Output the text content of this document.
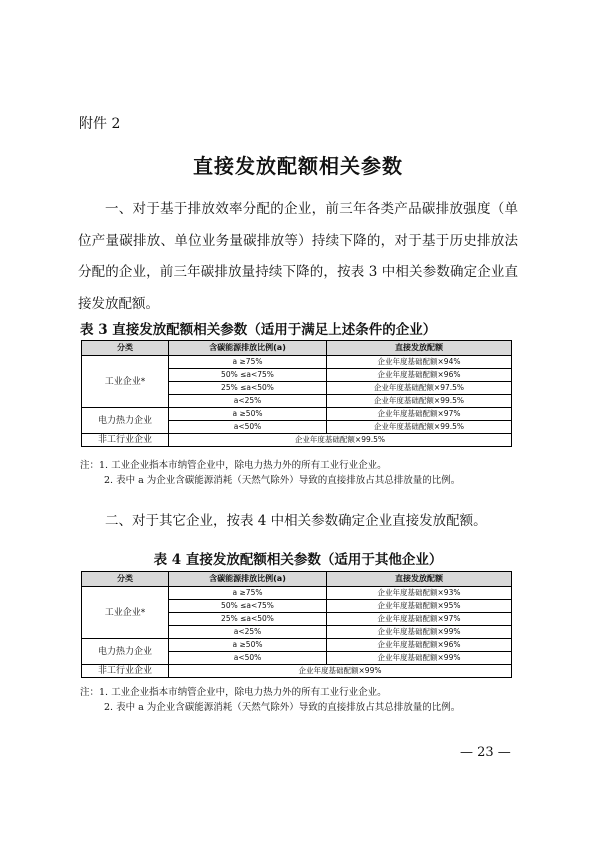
附件 2
直接发放配额相关参数
一、对于基于排放效率分配的企业，前三年各类产品碳排放强度（单位产量碳排放、单位业务量碳排放等）持续下降的，对于基于历史排放法分配的企业，前三年碳排放量持续下降的，按表 3 中相关参数确定企业直接发放配额。
表 3 直接发放配额相关参数（适用于满足上述条件的企业）
分类	含碳能源排放比例(a)	直接发放配额
工业企业*	a ≥75%	企业年度基础配额×94%
	50% ≤a<75%	企业年度基础配额×96%
	25% ≤a<50%	企业年度基础配额×97.5%
	a<25%	企业年度基础配额×99.5%
电力热力企业	a ≥50%	企业年度基础配额×97%
	a<50%	企业年度基础配额×99.5%
非工行业企业	企业年度基础配额×99.5%	
注：1. 工业企业指本市纳管企业中，除电力热力外的所有工业行业企业。
2. 表中 a 为企业含碳能源消耗（天然气除外）导致的直接排放占其总排放量的比例。
二、对于其它企业，按表 4 中相关参数确定企业直接发放配额。
表 4 直接发放配额相关参数（适用于其他企业）
分类	含碳能源排放比例(a)	直接发放配额
工业企业*	a ≥75%	企业年度基础配额×93%
	50% ≤a<75%	企业年度基础配额×95%
	25% ≤a<50%	企业年度基础配额×97%
	a<25%	企业年度基础配额×99%
电力热力企业	a ≥50%	企业年度基础配额×96%
	a<50%	企业年度基础配额×99%
非工行业企业	企业年度基础配额×99%	
注：1. 工业企业指本市纳管企业中，除电力热力外的所有工业行业企业。
2. 表中 a 为企业含碳能源消耗（天然气除外）导致的直接排放占其总排放量的比例。
— 23 —
